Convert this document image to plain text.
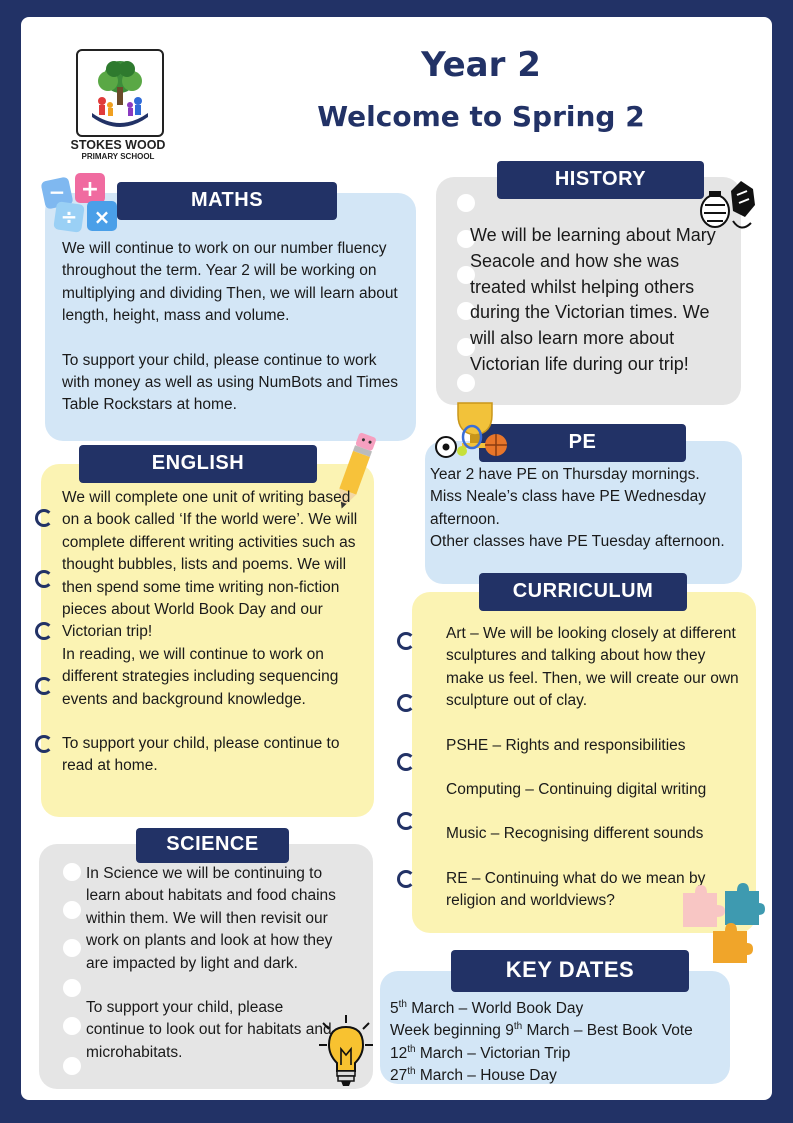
STOKES WOOD
PRIMARY SCHOOL
Year 2
Welcome to Spring 2
MATHS
− +
÷ ×

We will continue to work on our number fluency throughout the term. Year 2 will be working on multiplying and dividing Then, we will learn about length, height, mass and volume.

To support your child, please continue to work with money as well as using NumBots and Times Table Rockstars at home.

HISTORY
We will be learning about Mary Seacole and how she was treated whilst helping others during the Victorian times. We will also learn more about Victorian life during our trip!
ENGLISH

We will complete one unit of writing based on a book called ‘If the world were’. We will complete different writing activities such as thought bubbles, lists and poems. We will then spend some time writing non-fiction pieces about World Book Day and our Victorian trip!

In reading, we will continue to work on different strategies including sequencing events and background knowledge.

To support your child, please continue to read at home.

PE

Year 2 have PE on Thursday mornings.

Miss Neale’s class have PE Wednesday afternoon.

Other classes have PE Tuesday afternoon.

CURRICULUM

Art – We will be looking closely at different sculptures and talking about how they make us feel. Then, we will create our own sculpture out of clay.

PSHE – Rights and responsibilities

Computing – Continuing digital writing

Music – Recognising different sounds

RE – Continuing what do we mean by religion and worldviews?

SCIENCE

In Science we will be continuing to learn about habitats and food chains within them. We will then revisit our work on plants and look at how they are impacted by light and dark.

To support your child, please continue to look out for habitats and microhabitats.

KEY DATES

5th March – World Book Day

Week beginning 9th March – Best Book Vote

12th March – Victorian Trip

27th March – House Day
